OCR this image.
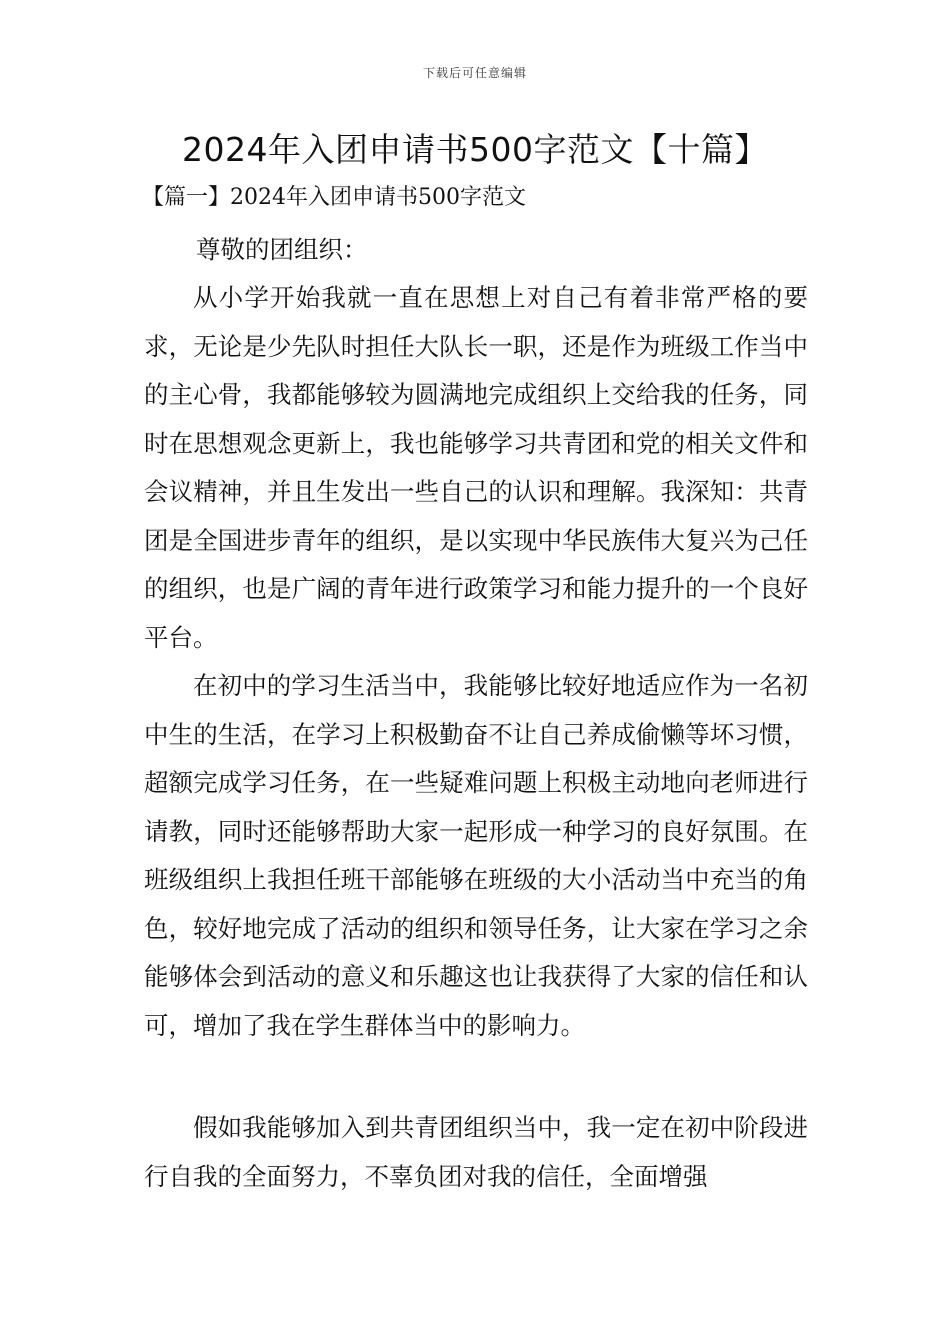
下载后可任意编辑
2024年入团申请书500字范文【十篇】
【篇一】2024年入团申请书500字范文

尊敬的团组织：

从小学开始我就一直在思想上对自己有着非常严格的要求，无论是少先队时担任大队长一职，还是作为班级工作当中的主心骨，我都能够较为圆满地完成组织上交给我的任务，同时在思想观念更新上，我也能够学习共青团和党的相关文件和会议精神，并且生发出一些自己的认识和理解。我深知：共青团是全国进步青年的组织，是以实现中华民族伟大复兴为己任的组织，也是广阔的青年进行政策学习和能力提升的一个良好平台。

在初中的学习生活当中，我能够比较好地适应作为一名初中生的生活，在学习上积极勤奋不让自己养成偷懒等坏习惯，超额完成学习任务，在一些疑难问题上积极主动地向老师进行请教，同时还能够帮助大家一起形成一种学习的良好氛围。在班级组织上我担任班干部能够在班级的大小活动当中充当的角色，较好地完成了活动的组织和领导任务，让大家在学习之余能够体会到活动的意义和乐趣这也让我获得了大家的信任和认可，增加了我在学生群体当中的影响力。

假如我能够加入到共青团组织当中，我一定在初中阶段进行自我的全面努力，不辜负团对我的信任，全面增强
